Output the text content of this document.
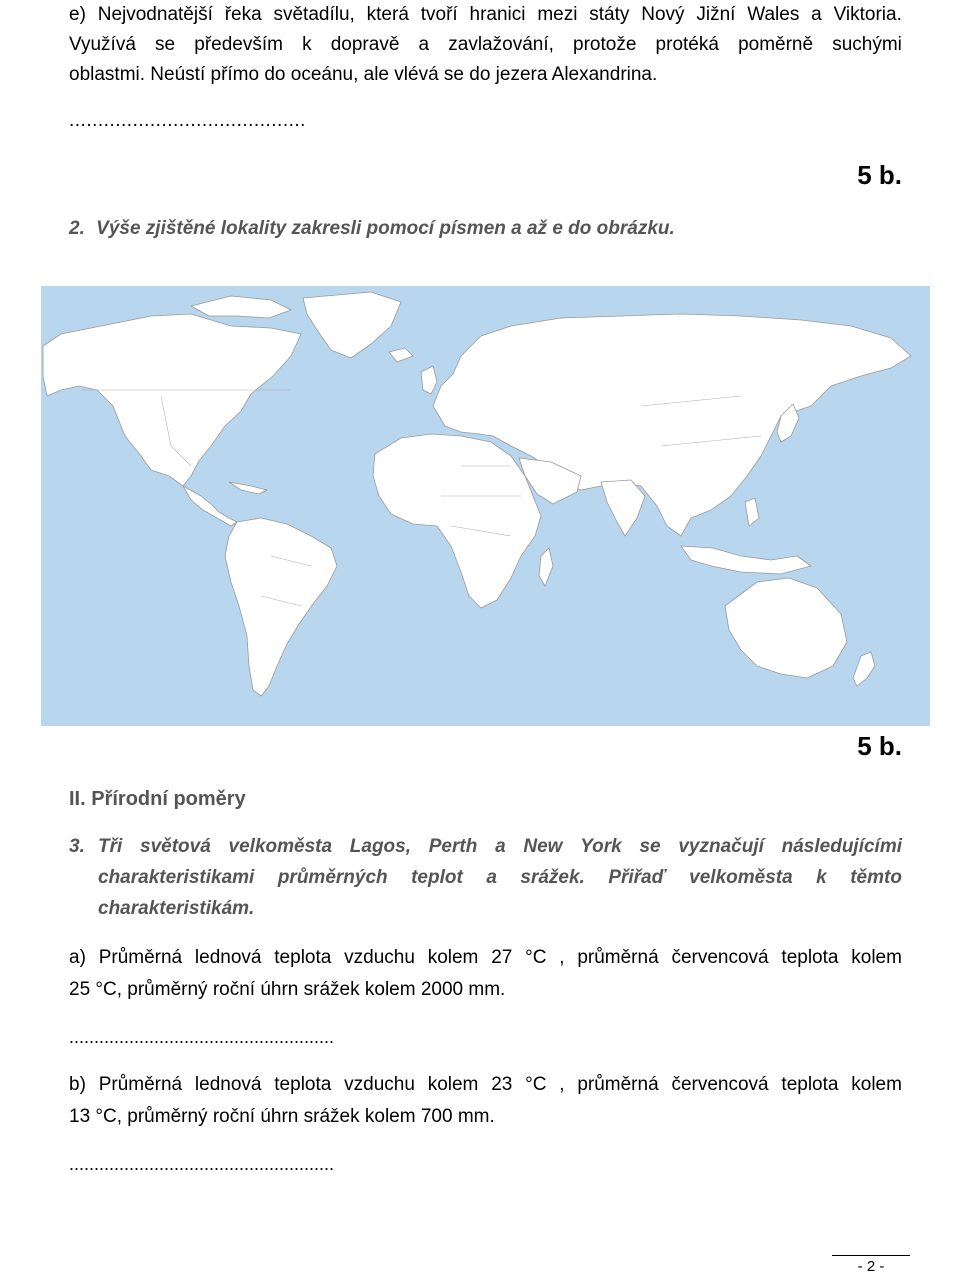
e) Nejvodnatější řeka světadílu, která tvoří hranici mezi státy Nový Jižní Wales a Viktoria.
Využívá se především k dopravě a zavlažování, protože protéká poměrně suchými
oblastmi. Neústí přímo do oceánu, ale vlévá se do jezera Alexandrina.
.........................................
5 b.
2. Výše zjištěné lokality zakresli pomocí písmen a až e do obrázku.
5 b.
II. Přírodní poměry
3. Tři světová velkoměsta Lagos, Perth a New York se vyznačují následujícími
charakteristikami průměrných teplot a srážek. Přiřaď velkoměsta k těmto
charakteristikám.
a) Průměrná lednová teplota vzduchu kolem 27 °C , průměrná červencová teplota kolem
25 °C, průměrný roční úhrn srážek kolem 2000 mm.
.....................................................
b) Průměrná lednová teplota vzduchu kolem 23 °C , průměrná červencová teplota kolem
13 °C, průměrný roční úhrn srážek kolem 700 mm.
.....................................................
- 2 -
